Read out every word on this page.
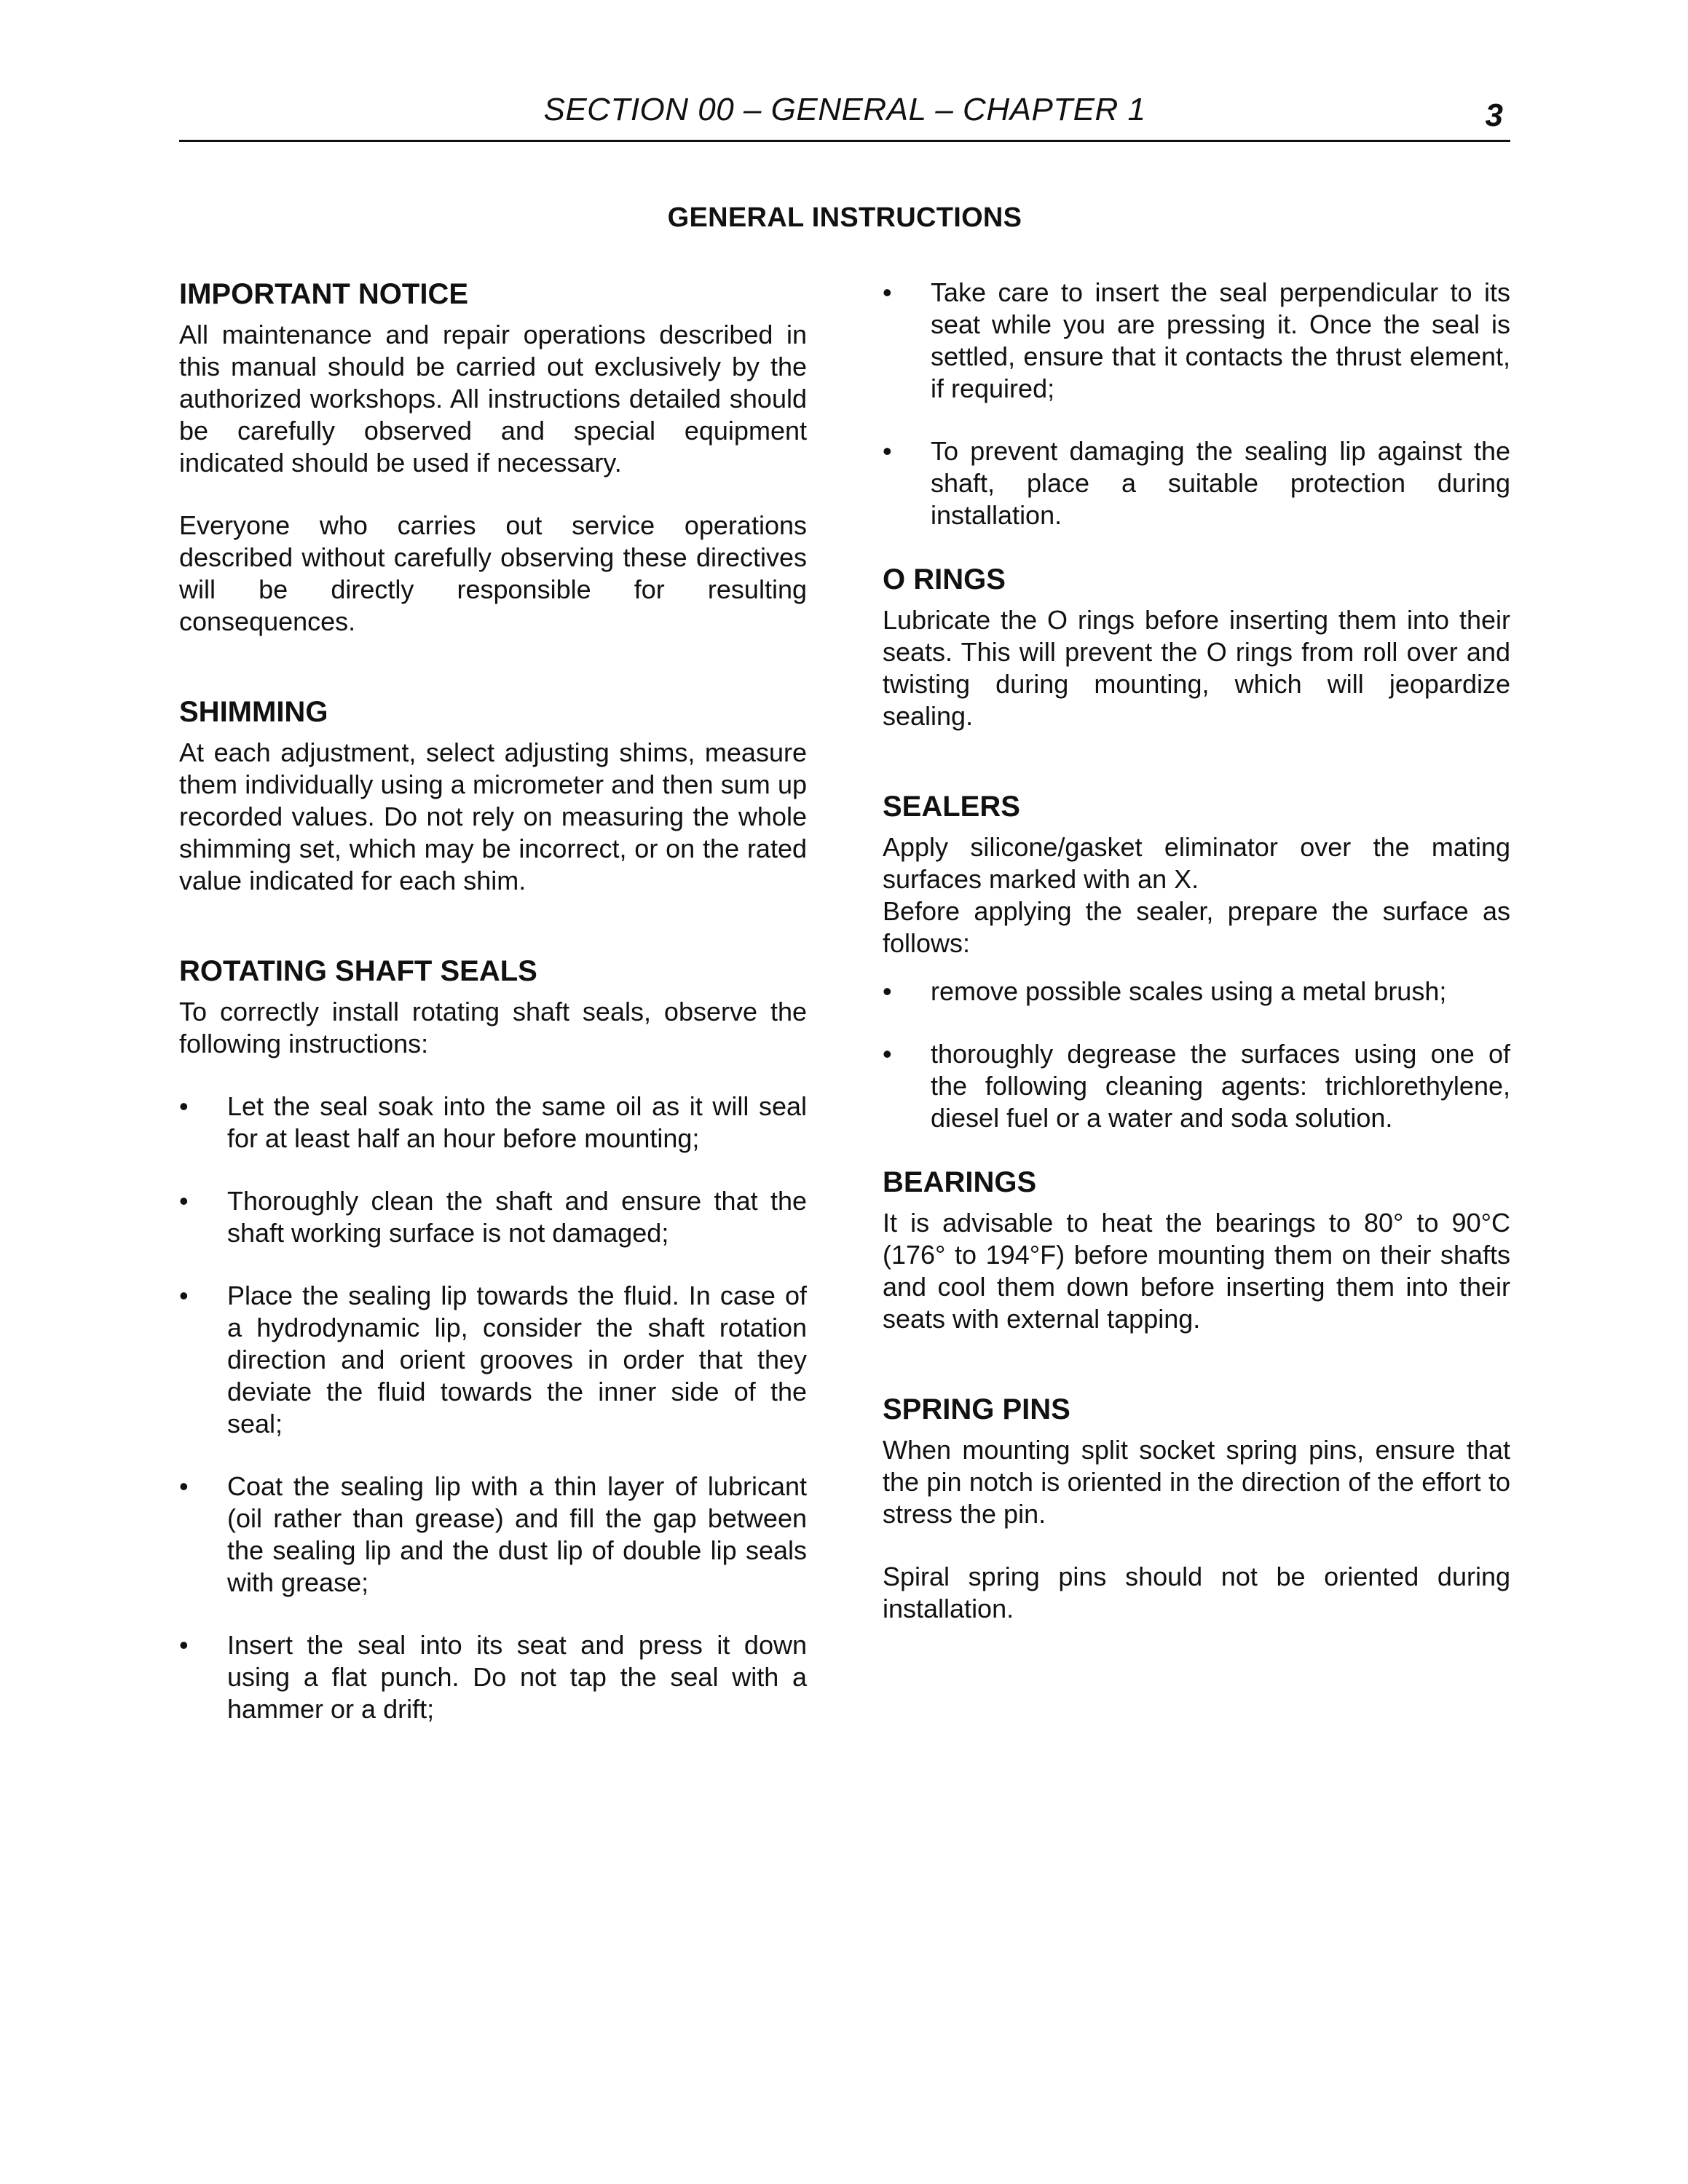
SECTION 00 – GENERAL – CHAPTER 1	3
GENERAL INSTRUCTIONS
IMPORTANT NOTICE

All maintenance and repair operations described in this manual should be carried out exclusively by the authorized workshops. All instructions detailed should be carefully observed and special equipment indicated should be used if necessary.

Everyone who carries out service operations described without carefully observing these directives will be directly responsible for resulting consequences.

SHIMMING

At each adjustment, select adjusting shims, measure them individually using a micrometer and then sum up recorded values. Do not rely on measuring the whole shimming set, which may be incorrect, or on the rated value indicated for each shim.

ROTATING SHAFT SEALS

To correctly install rotating shaft seals, observe the following instructions:

•	Let the seal soak into the same oil as it will seal for at least half an hour before mounting;
•	Thoroughly clean the shaft and ensure that the shaft working surface is not damaged;
•	Place the sealing lip towards the fluid. In case of a hydrodynamic lip, consider the shaft rotation direction and orient grooves in order that they deviate the fluid towards the inner side of the seal;
•	Coat the sealing lip with a thin layer of lubricant (oil rather than grease) and fill the gap between the sealing lip and the dust lip of double lip seals with grease;
•	Insert the seal into its seat and press it down using a flat punch. Do not tap the seal with a hammer or a drift;
•	Take care to insert the seal perpendicular to its seat while you are pressing it. Once the seal is settled, ensure that it contacts the thrust element, if required;
•	To prevent damaging the sealing lip against the shaft, place a suitable protection during installation.
O RINGS

Lubricate the O rings before inserting them into their seats. This will prevent the O rings from roll over and twisting during mounting, which will jeopardize sealing.

SEALERS

Apply silicone/gasket eliminator over the mating surfaces marked with an X.

Before applying the sealer, prepare the surface as follows:

•	remove possible scales using a metal brush;
•	thoroughly degrease the surfaces using one of the following cleaning agents: trichlorethylene, diesel fuel or a water and soda solution.
BEARINGS

It is advisable to heat the bearings to 80° to 90°C (176° to 194°F) before mounting them on their shafts and cool them down before inserting them into their seats with external tapping.

SPRING PINS

When mounting split socket spring pins, ensure that the pin notch is oriented in the direction of the effort to stress the pin.

Spiral spring pins should not be oriented during installation.
